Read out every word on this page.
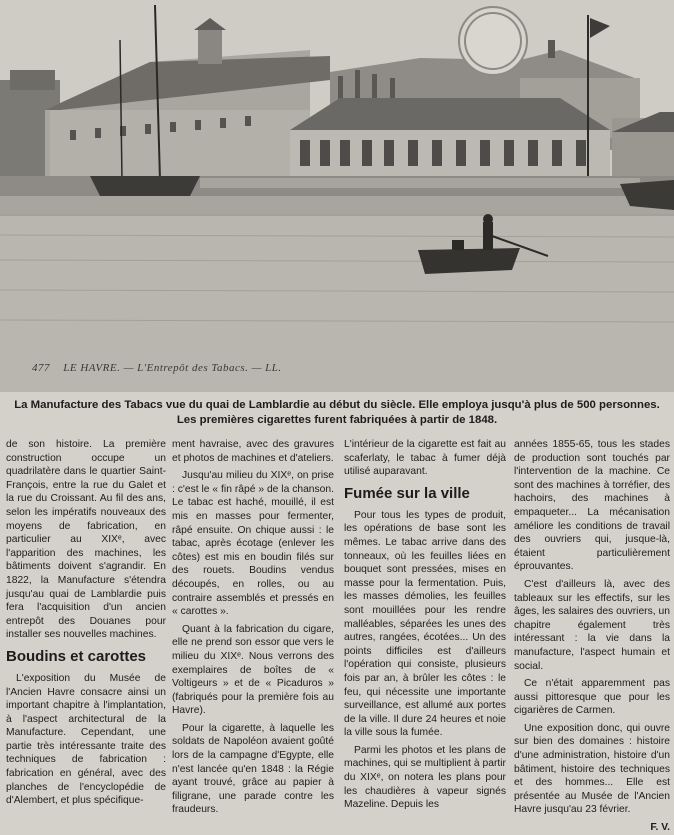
477 LE HAVRE. — L'Entrepôt des Tabacs. — LL.
La Manufacture des Tabacs vue du quai de Lamblardie au début du siècle. Elle employa jusqu'à plus de 500 personnes.
Les premières cigarettes furent fabriquées à partir de 1848.

de son histoire. La première construction occupe un quadrilatère dans le quartier Saint-François, entre la rue du Galet et la rue du Croissant. Au fil des ans, selon les impératifs nouveaux des moyens de fabrication, en particulier au XIXᵉ, avec l'apparition des machines, les bâtiments doivent s'agrandir. En 1822, la Manufacture s'étendra jusqu'au quai de Lamblardie puis fera l'acquisition d'un ancien entrepôt des Douanes pour installer ses nouvelles machines.

Boudins et carottes

L'exposition du Musée de l'Ancien Havre consacre ainsi un important chapitre à l'implantation, à l'aspect architectural de la Manufacture. Cependant, une partie très intéressante traite des techniques de fabrication : fabrication en général, avec des planches de l'encyclopédie de d'Alembert, et plus spécifique-

ment havraise, avec des gravures et photos de machines et d'ateliers.

Jusqu'au milieu du XIXᵉ, on prise : c'est le « fin râpé » de la chanson. Le tabac est haché, mouillé, il est mis en masses pour fermenter, râpé ensuite. On chique aussi : le tabac, après écotage (enlever les côtes) est mis en boudin filés sur des rouets. Boudins vendus découpés, en rolles, ou au contraire assemblés et pressés en « carottes ».

Quant à la fabrication du cigare, elle ne prend son essor que vers le milieu du XIXᵉ. Nous verrons des exemplaires de boîtes de « Voltigeurs » et de « Picaduros » (fabriqués pour la première fois au Havre).

Pour la cigarette, à laquelle les soldats de Napoléon avaient goûté lors de la campagne d'Egypte, elle n'est lancée qu'en 1848 : la Régie ayant trouvé, grâce au papier à filigrane, une parade contre les fraudeurs.

L'intérieur de la cigarette est fait au scaferlaty, le tabac à fumer déjà utilisé auparavant.

Fumée sur la ville

Pour tous les types de produit, les opérations de base sont les mêmes. Le tabac arrive dans des tonneaux, où les feuilles liées en bouquet sont pressées, mises en masse pour la fermentation. Puis, les masses démolies, les feuilles sont mouillées pour les rendre malléables, séparées les unes des autres, rangées, écotées... Un des points difficiles est d'ailleurs l'opération qui consiste, plusieurs fois par an, à brûler les côtes : le feu, qui nécessite une importante surveillance, est allumé aux portes de la ville. Il dure 24 heures et noie la ville sous la fumée.

Parmi les photos et les plans de machines, qui se multiplient à partir du XIXᵉ, on notera les plans pour les chaudières à vapeur signés Mazeline. Depuis les

années 1855-65, tous les stades de production sont touchés par l'intervention de la machine. Ce sont des machines à torréfier, des hachoirs, des machines à empaqueter... La mécanisation améliore les conditions de travail des ouvriers qui, jusque-là, étaient particulièrement éprouvantes.

C'est d'ailleurs là, avec des tableaux sur les effectifs, sur les âges, les salaires des ouvriers, un chapitre également très intéressant : la vie dans la manufacture, l'aspect humain et social.

Ce n'était apparemment pas aussi pittoresque que pour les cigarières de Carmen.

Une exposition donc, qui ouvre sur bien des domaines : histoire d'une administration, histoire d'un bâtiment, histoire des techniques et des hommes... Elle est présentée au Musée de l'Ancien Havre jusqu'au 23 février.

F. V.
